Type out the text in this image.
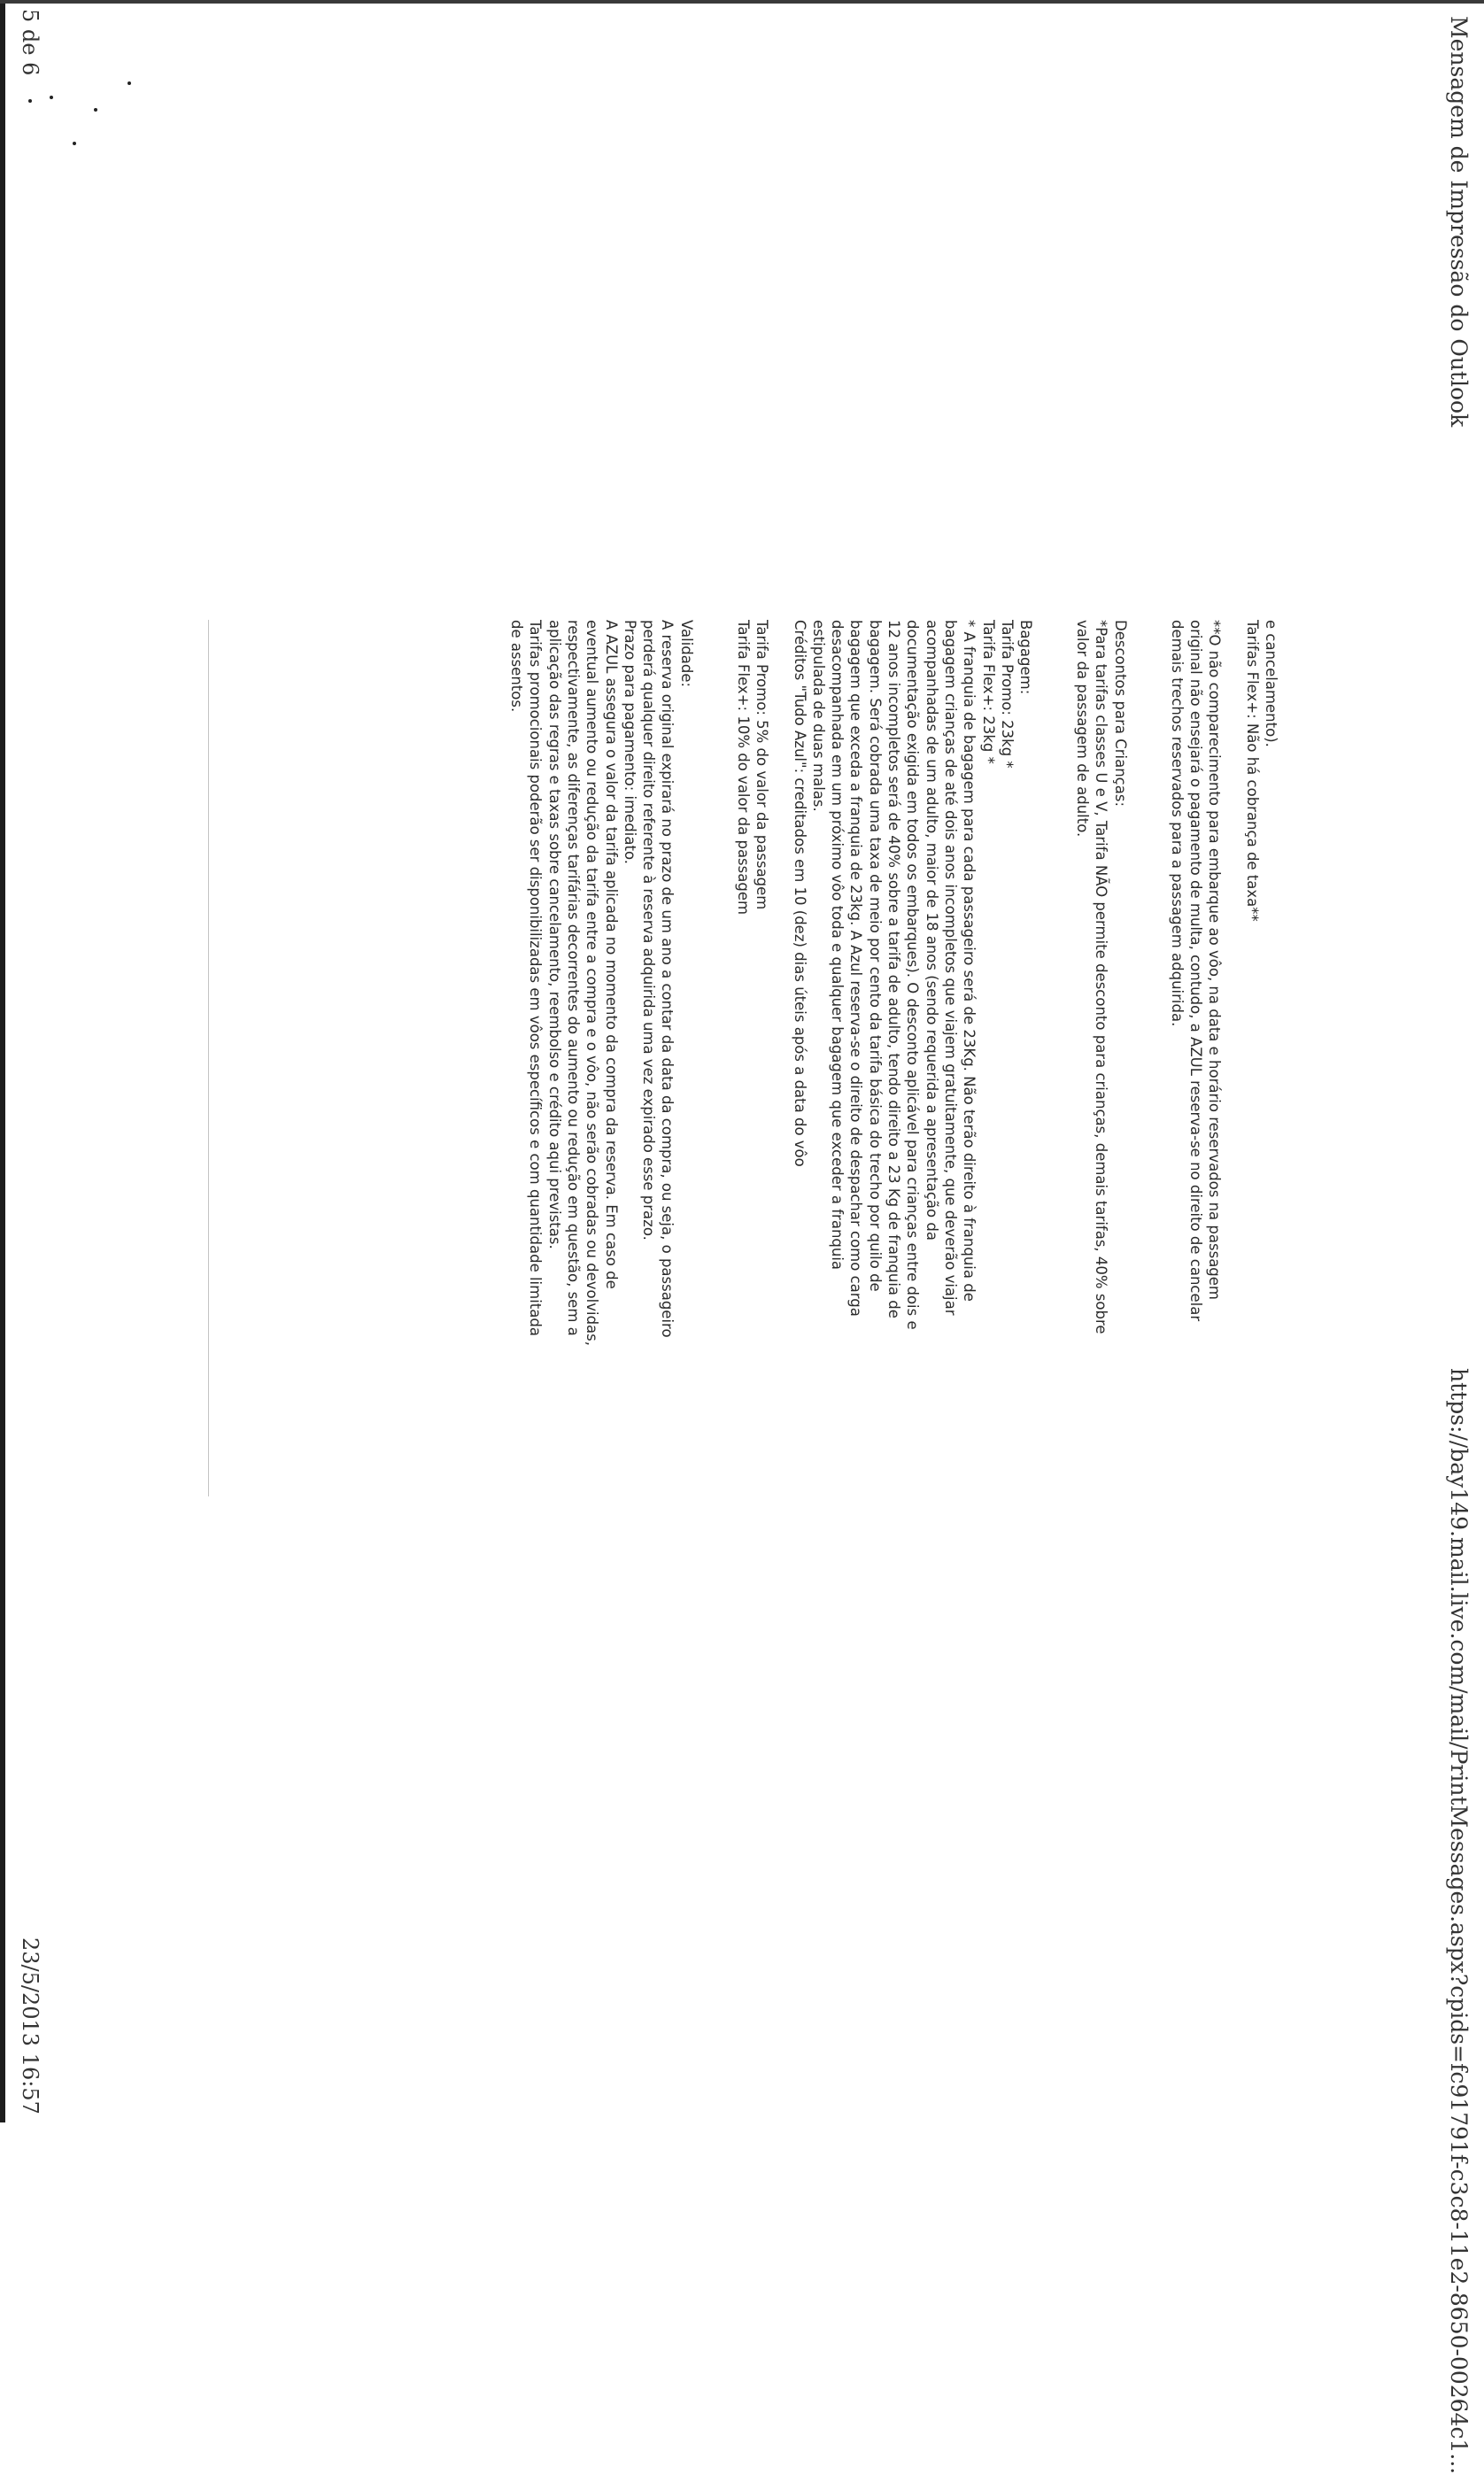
Mensagem de Impressão do Outlook
https://bay149.mail.live.com/mail/PrintMessages.aspx?cpids=fc91791f-c3c8-11e2-8650-00264c1...
e cancelamento).
Tarifas Flex+: Não há cobrança de taxa**
**O não comparecimento para embarque ao vôo, na data e horário reservados na passagem
original não ensejará o pagamento de multa, contudo, a AZUL reserva-se no direito de cancelar
demais trechos reservados para a passagem adquirida.
Descontos para Crianças:
*Para tarifas classes U e V, Tarifa NÃO permite desconto para crianças, demais tarifas, 40% sobre
valor da passagem de adulto.
Bagagem:
Tarifa Promo: 23kg *
Tarifa Flex+: 23kg *
* A franquia de bagagem para cada passageiro será de 23Kg. Não terão direito à franquia de
bagagem crianças de até dois anos incompletos que viajem gratuitamente, que deverão viajar
acompanhadas de um adulto, maior de 18 anos (sendo requerida a apresentação da
documentação exigida em todos os embarques). O desconto aplicável para crianças entre dois e
12 anos incompletos será de 40% sobre a tarifa de adulto, tendo direito a 23 Kg de franquia de
bagagem. Será cobrada uma taxa de meio por cento da tarifa básica do trecho por quilo de
bagagem que exceda a franquia de 23kg. A Azul reserva-se o direito de despachar como carga
desacompanhada em um próximo vôo toda e qualquer bagagem que exceder a franquia
estipulada de duas malas.
Créditos "Tudo Azul": creditados em 10 (dez) dias úteis após a data do vôo
Tarifa Promo: 5% do valor da passagem
Tarifa Flex+: 10% do valor da passagem
Validade:
A reserva original expirará no prazo de um ano a contar da data da compra, ou seja, o passageiro
perderá qualquer direito referente à reserva adquirida uma vez expirado esse prazo.
Prazo para pagamento: imediato.
A AZUL assegura o valor da tarifa aplicada no momento da compra da reserva. Em caso de
eventual aumento ou redução da tarifa entre a compra e o vôo, não serão cobradas ou devolvidas,
respectivamente, as diferenças tarifárias decorrentes do aumento ou redução em questão, sem a
aplicação das regras e taxas sobre cancelamento, reembolso e crédito aqui previstas.
Tarifas promocionais poderão ser disponibilizadas em vôos específicos e com quantidade limitada
de assentos.
5 de 6
23/5/2013 16:57
